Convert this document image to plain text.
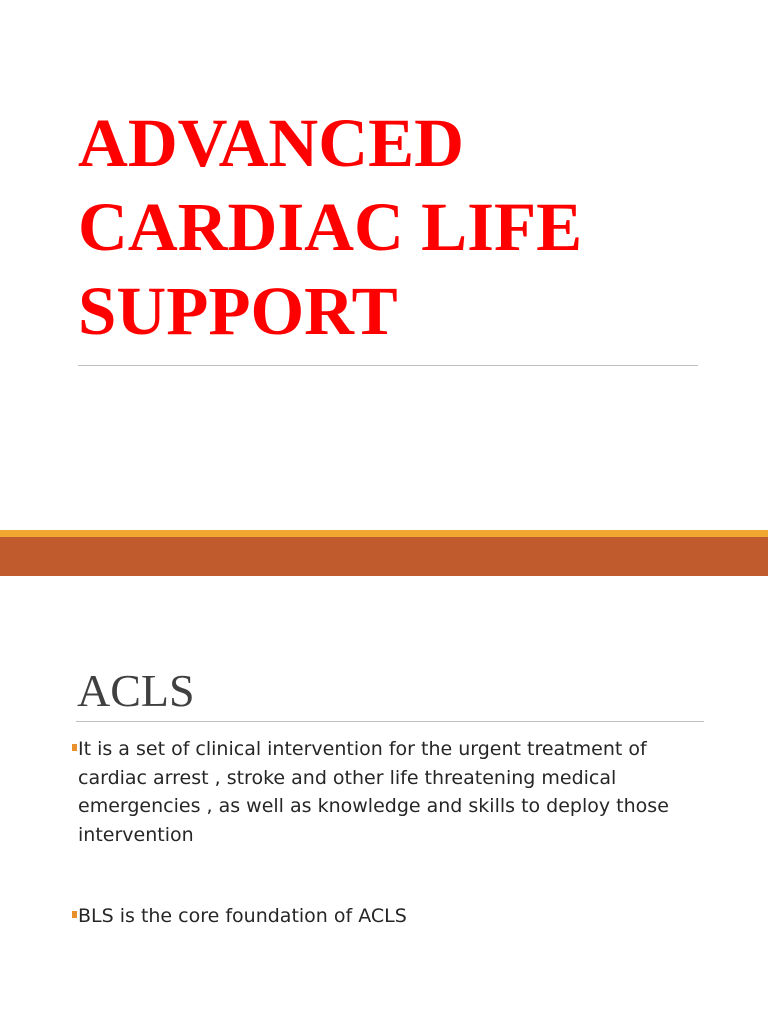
ADVANCED
CARDIAC LIFE
SUPPORT
ACLS
It is a set of clinical intervention for the urgent treatment of cardiac arrest , stroke and other life threatening medical emergencies , as well as knowledge and skills to deploy those intervention
BLS is the core foundation of ACLS
